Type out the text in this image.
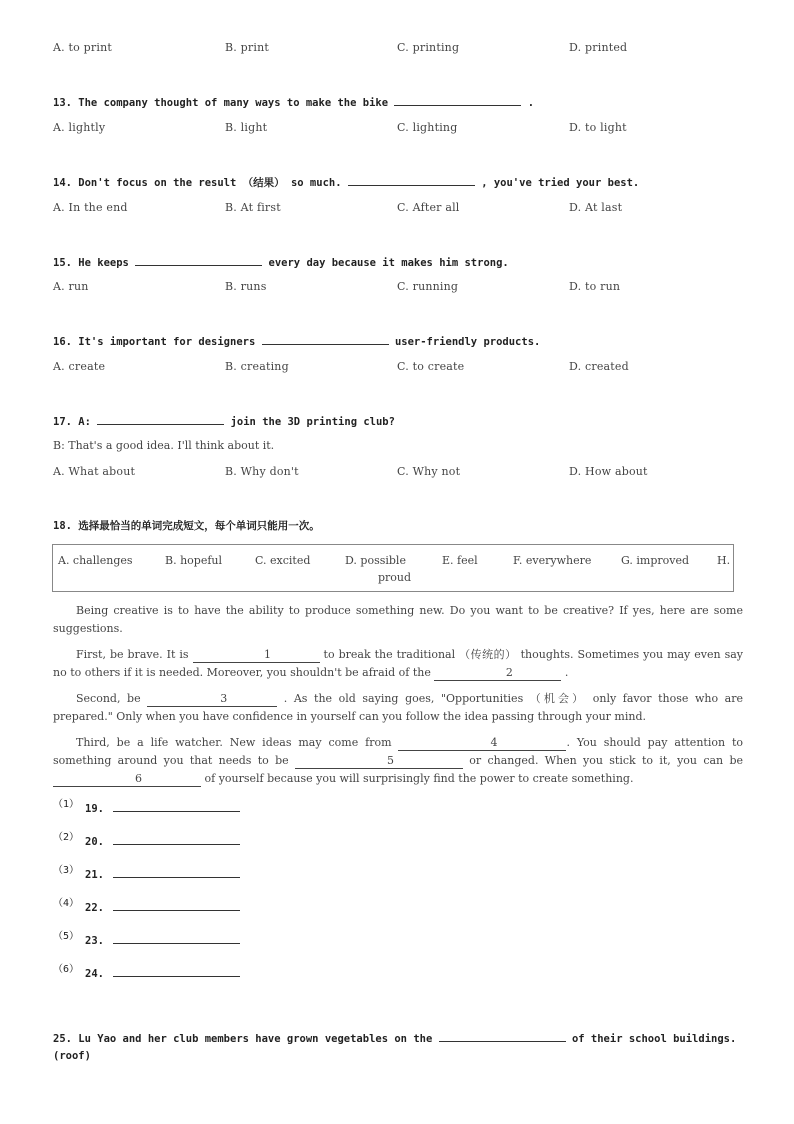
A. to print	B. print	C. printing	D. printed
13. The company thought of many ways to make the bike	.
A. lightly	B. light	C. lighting	D. to light
14. Don't focus on the result （结果） so much.	, you've tried your best.
A. In the end	B. At first	C. After all	D. At last
15. He keeps	every day because it makes him strong.
A. run	B. runs	C. running	D. to run
16. It's important for designers	user-friendly products.
A. create	B. creating	C. to create	D. created
17. A:	join the 3D printing club?
B: That's a good idea. I'll think about it.
A. What about	B. Why don't	C. Why not	D. How about
18. 选择最恰当的单词完成短文，每个单词只能用一次。
A. challenges	B. hopeful	C. excited	D. possible	E. feel	F. everywhere	G. improved	H.
proud

Being creative is to have the ability to produce something new. Do you want to be creative? If yes, here are some suggestions.

First, be brave. It is	1	to break the traditional （传统的） thoughts. Sometimes you may even say no to others if it is needed. Moreover, you shouldn't be afraid of the	2	.

Second, be	3	. As the old saying goes, "Opportunities （机会） only favor those who are prepared." Only when you have confidence in yourself can you follow the idea passing through your mind.

Third, be a life watcher. New ideas may come from	4	. You should pay attention to something around you that needs to be	5	or changed. When you stick to it, you can be 6	of yourself because you will surprisingly find the power to create something.

（1） 19.
（2） 20.
（3） 21.
（4） 22.
（5） 23.
（6） 24.
25. Lu Yao and her club members have grown vegetables on the	of their school buildings.
(roof)
